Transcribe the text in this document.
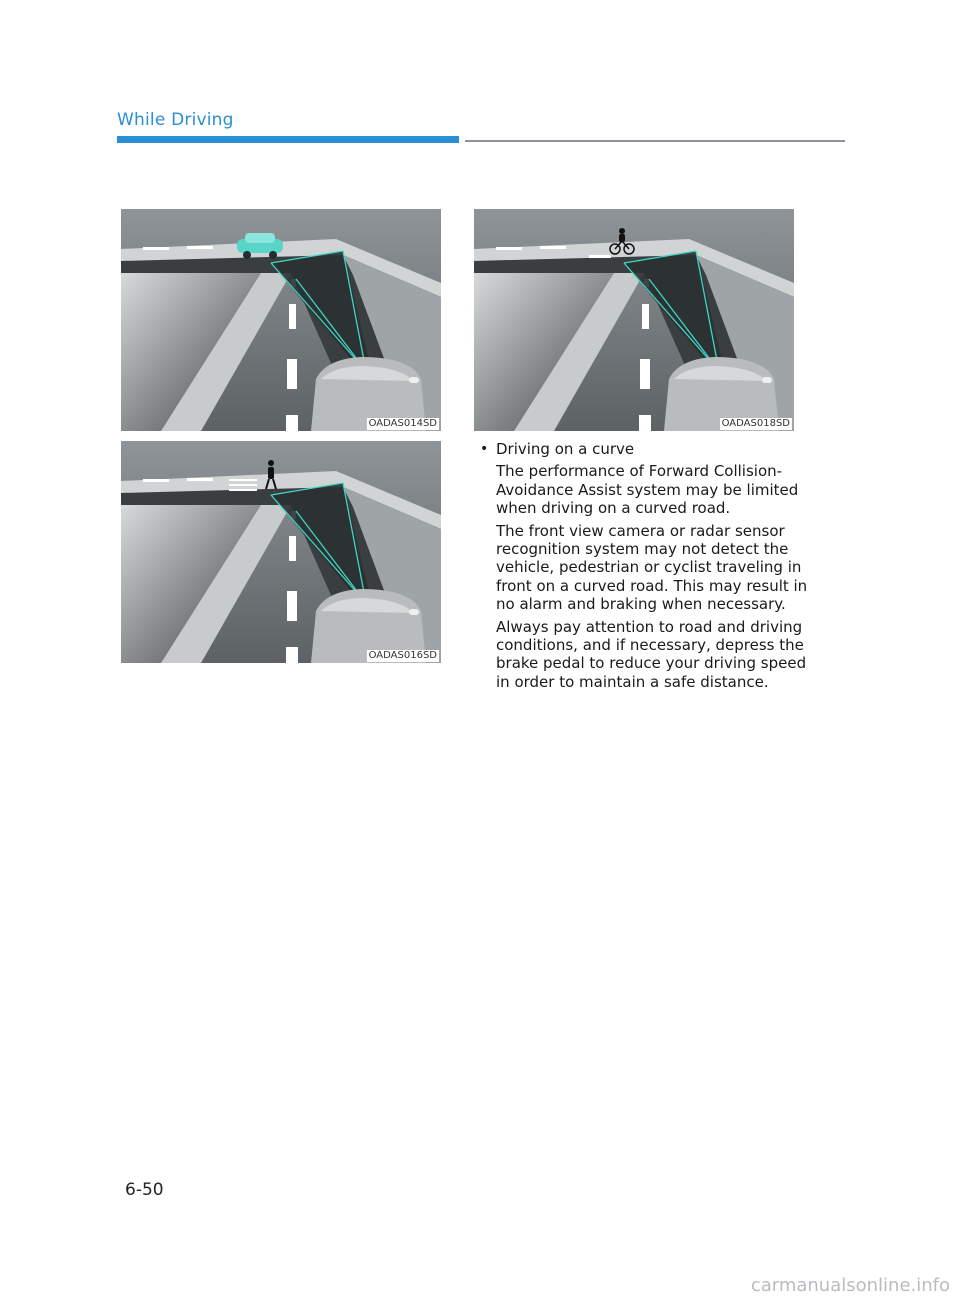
While Driving
OADAS014SD
OADAS016SD
OADAS018SD
• Driving on a curve

The performance of Forward Collision-Avoidance Assist system may be limited when driving on a curved road.

The front view camera or radar sensor recognition system may not detect the vehicle, pedestrian or cyclist traveling in front on a curved road. This may result in no alarm and braking when necessary.

Always pay attention to road and driving conditions, and if necessary, depress the brake pedal to reduce your driving speed in order to maintain a safe distance.

6-50
carmanualsonline.info
